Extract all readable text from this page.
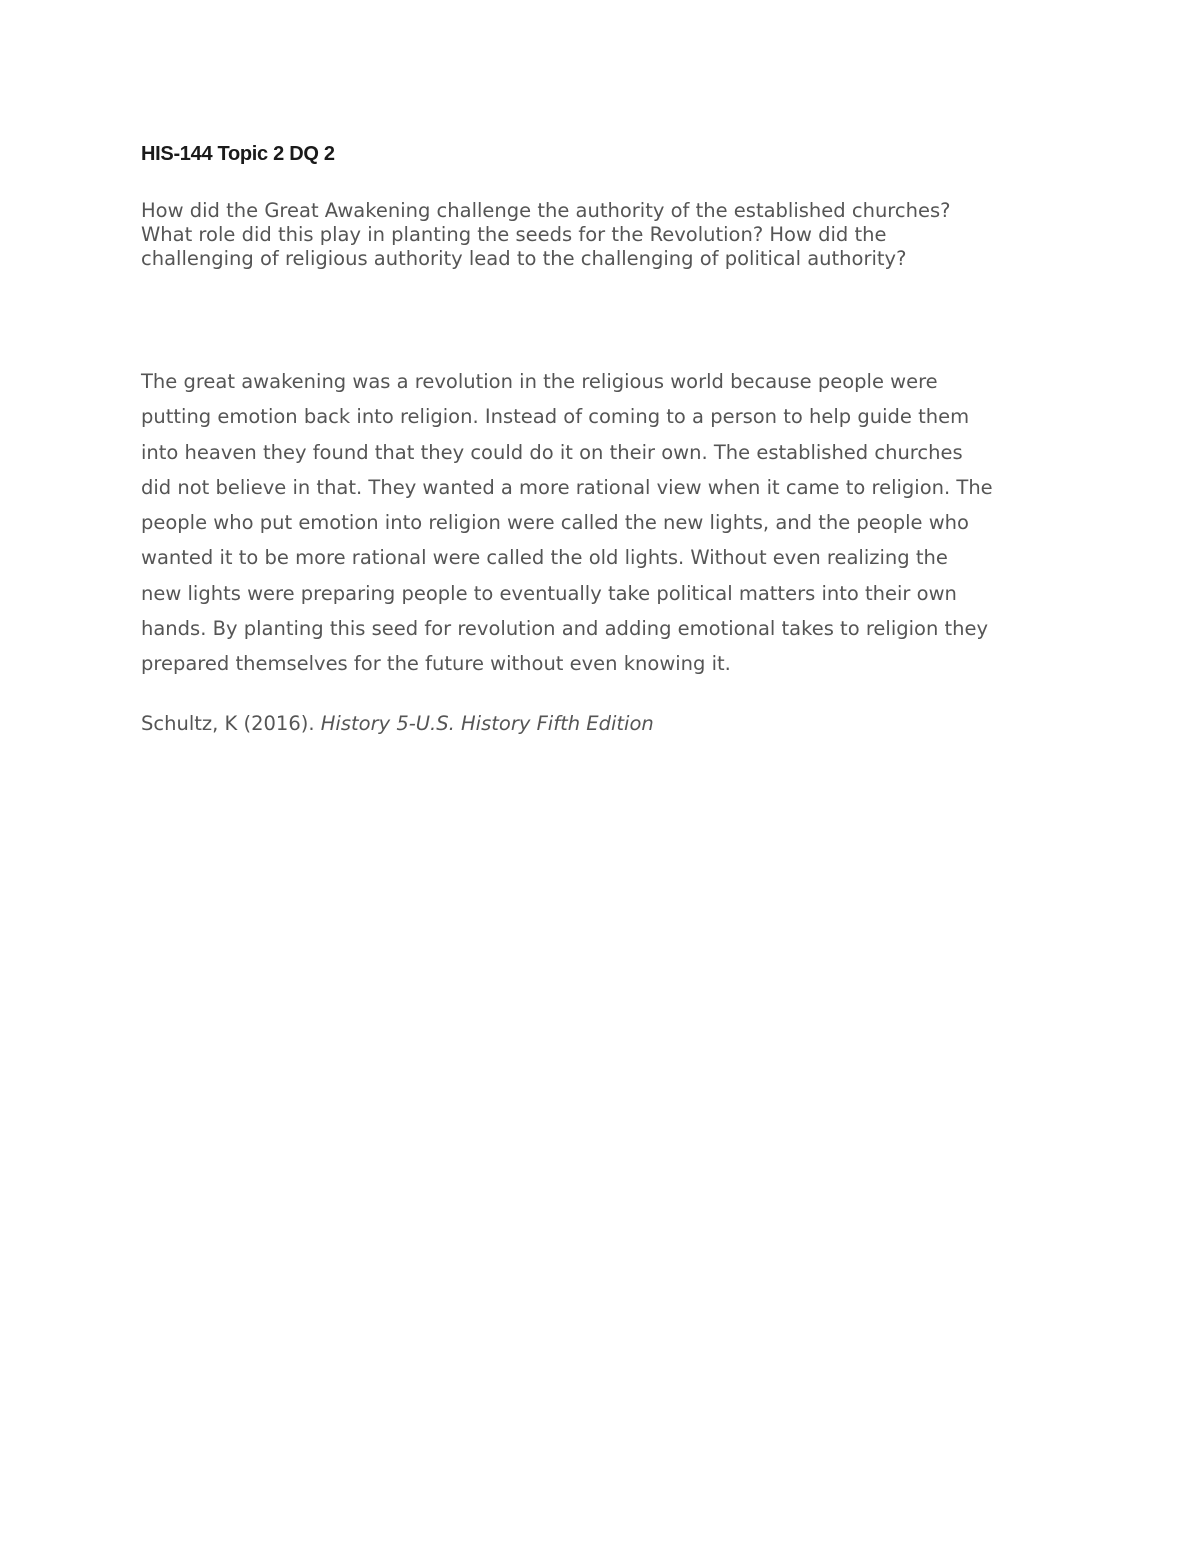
HIS-144 Topic 2 DQ 2

How did the Great Awakening challenge the authority of the established churches?
What role did this play in planting the seeds for the Revolution? How did the
challenging of religious authority lead to the challenging of political authority?

The great awakening was a revolution in the religious world because people were
putting emotion back into religion. Instead of coming to a person to help guide them
into heaven they found that they could do it on their own. The established churches
did not believe in that. They wanted a more rational view when it came to religion. The
people who put emotion into religion were called the new lights, and the people who
wanted it to be more rational were called the old lights. Without even realizing the
new lights were preparing people to eventually take political matters into their own
hands. By planting this seed for revolution and adding emotional takes to religion they
prepared themselves for the future without even knowing it.

Schultz, K (2016). History 5-U.S. History Fifth Edition
